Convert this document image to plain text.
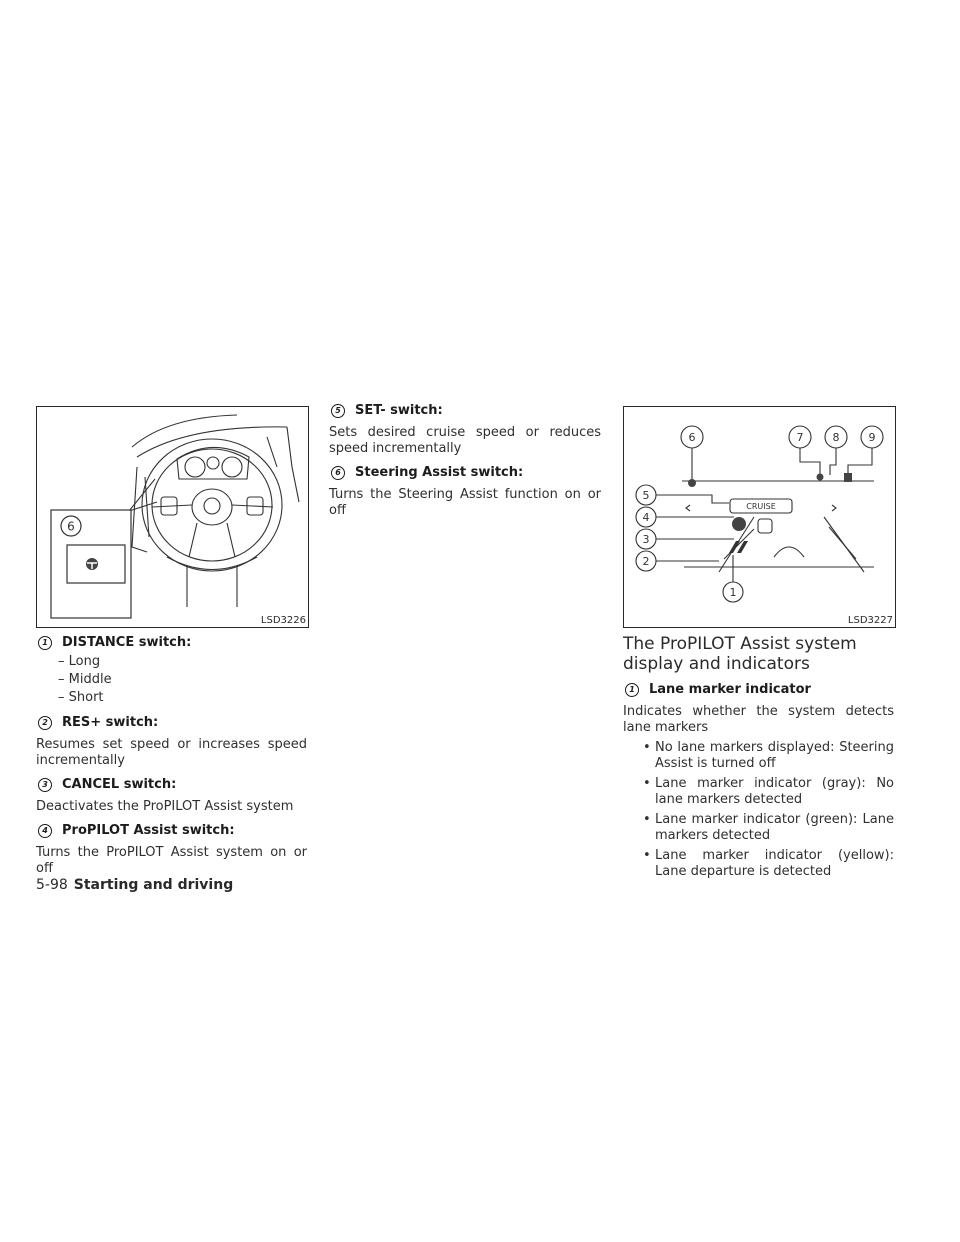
6
LSD3226
1	DISTANCE switch:
– Long
– Middle
– Short
2	RES+ switch:
Resumes set speed or increases speed incrementally
3	CANCEL switch:
Deactivates the ProPILOT Assist system
4	ProPILOT Assist switch:
Turns the ProPILOT Assist system on or off
5	SET- switch:
Sets desired cruise speed or reduces speed incrementally
6	Steering Assist switch:
Turns the Steering Assist function on or off
6	7	8	9
5
4
3
2
1
CRUISE
LSD3227
The ProPILOT Assist system
display and indicators
1	Lane marker indicator
Indicates whether the system detects lane markers
• No lane markers displayed: Steering Assist is turned off
• Lane marker indicator (gray): No lane markers detected
• Lane marker indicator (green): Lane markers detected
• Lane marker indicator (yellow): Lane departure is detected
5-98 Starting and driving
